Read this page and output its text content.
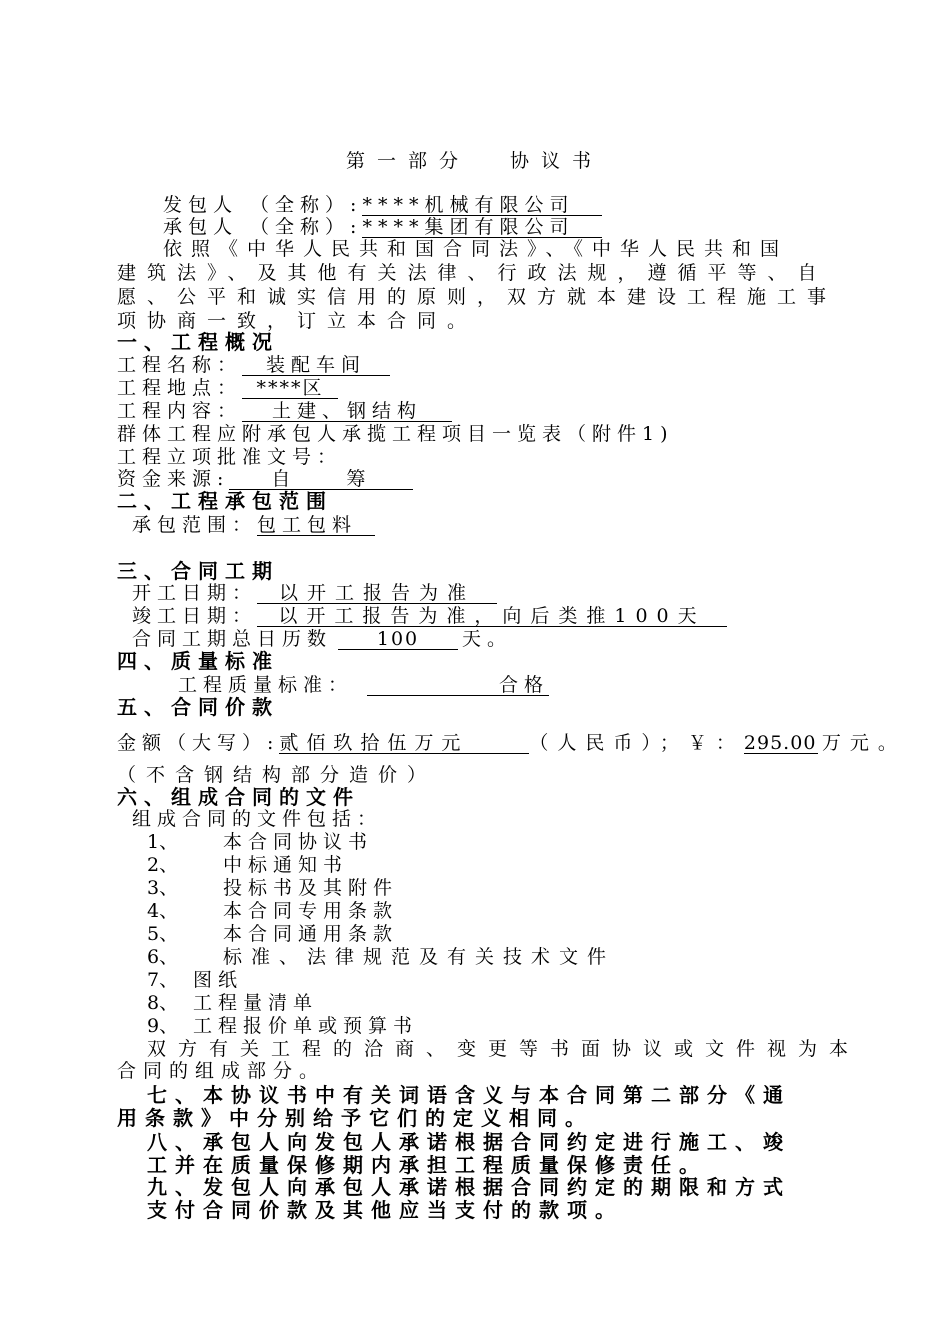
第一部分 协议书
发包人 （全称）:****机械有限公司
承包人 （全称）:****集团有限公司
依照《中华人民共和国合同法》、《中华人民共和国
建筑法》、及其他有关法律、行政法规，遵循平等、自
愿、公平和诚实信用的原则，双方就本建设工程施工事
项协商一致，订立本合同。
一、工程概况
工程名称： 装配车间
工程地点： ****区
工程内容： 土建、钢结构
群体工程应附承包人承揽工程项目一览表（附件1)
工程立项批准文号：
资金来源: 自　　筹
二、工程承包范围
承包范围：包工包料
三、合同工期
开工日期： 以开工报告为准
竣工日期： 以开工报告为准，向后类推100天
合同工期总日历数 100 天。
四、质量标准
工程质量标准：	合格
五、合同价款
金额（大写）:贰佰玖拾伍万元	（人民币）；￥：295.00 万元。
（不含钢结构部分造价）
六、组成合同的文件
组成合同的文件包括：
1、 本合同协议书
2、 中标通知书
3、 投标书及其附件
4、 本合同专用条款
5、 本合同通用条款
6、 标准、法律规范及有关技术文件
7、 图纸
8、 工程量清单
9、 工程报价单或预算书
双方有关工程的洽商、变更等书面协议或文件视为本
合同的组成部分。
七、本协议书中有关词语含义与本合同第二部分《通
用条款》中分别给予它们的定义相同。
八、承包人向发包人承诺根据合同约定进行施工、竣
工并在质量保修期内承担工程质量保修责任。
九、发包人向承包人承诺根据合同约定的期限和方式
支付合同价款及其他应当支付的款项。
